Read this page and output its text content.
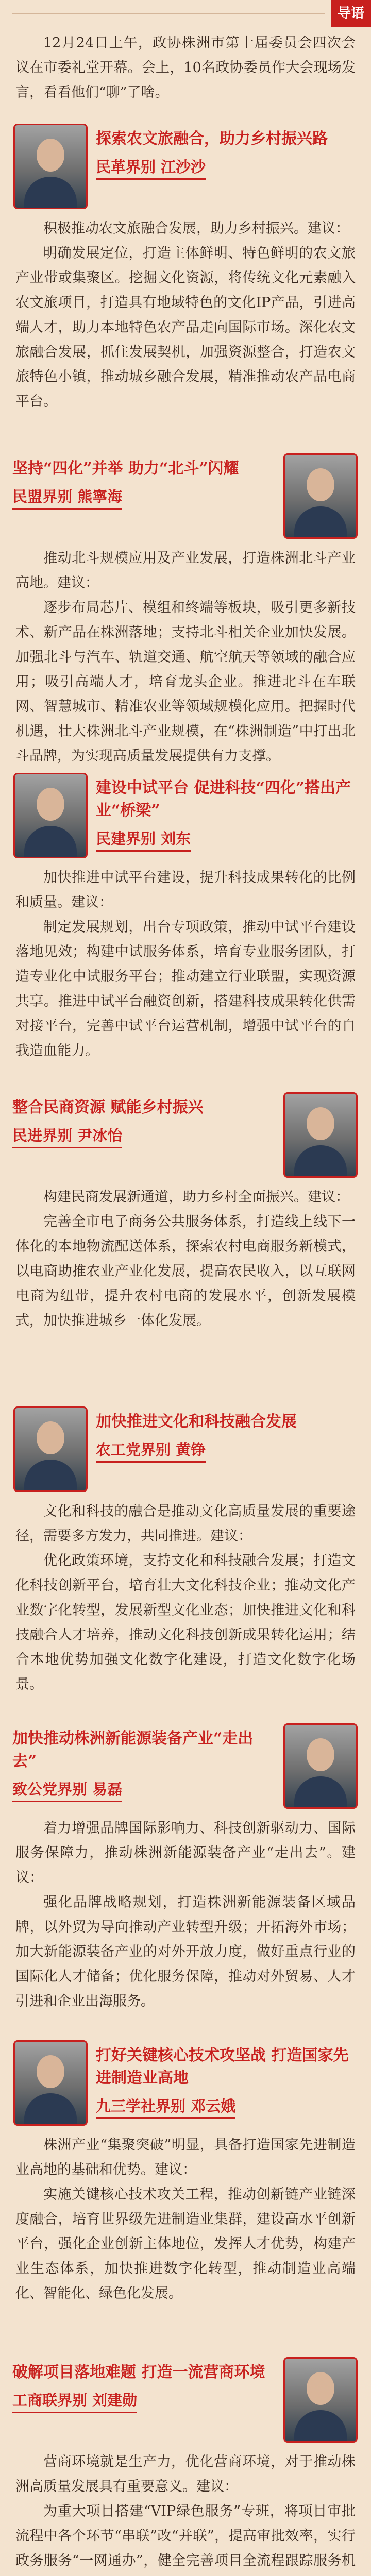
导语
12月24日上午，政协株洲市第十届委员会四次会议在市委礼堂开幕。会上，10名政协委员作大会现场发言，看看他们“聊”了啥。
探索农文旅融合，助力乡村振兴路
民革界别 江沙沙
积极推动农文旅融合发展，助力乡村振兴。建议：
明确发展定位，打造主体鲜明、特色鲜明的农文旅产业带或集聚区。挖掘文化资源，将传统文化元素融入农文旅项目，打造具有地域特色的文化IP产品，引进高端人才，助力本地特色农产品走向国际市场。深化农文旅融合发展，抓住发展契机，加强资源整合，打造农文旅特色小镇，推动城乡融合发展，精准推动农产品电商平台。
坚持“四化”并举 助力“北斗”闪耀
民盟界别 熊寧海
推动北斗规模应用及产业发展，打造株洲北斗产业高地。建议：
逐步布局芯片、模组和终端等板块，吸引更多新技术、新产品在株洲落地；支持北斗相关企业加快发展。加强北斗与汽车、轨道交通、航空航天等领域的融合应用；吸引高端人才，培育龙头企业。推进北斗在车联网、智慧城市、精准农业等领域规模化应用。把握时代机遇，壮大株洲北斗产业规模，在“株洲制造”中打出北斗品牌，为实现高质量发展提供有力支撑。
建设中试平台 促进科技“四化”搭出产业“桥梁”
民建界别 刘东
加快推进中试平台建设，提升科技成果转化的比例和质量。建议：
制定发展规划，出台专项政策，推动中试平台建设落地见效；构建中试服务体系，培育专业服务团队，打造专业化中试服务平台；推动建立行业联盟，实现资源共享。推进中试平台融资创新，搭建科技成果转化供需对接平台，完善中试平台运营机制，增强中试平台的自我造血能力。
整合民商资源 赋能乡村振兴
民进界别 尹冰怡
构建民商发展新通道，助力乡村全面振兴。建议：
完善全市电子商务公共服务体系，打造线上线下一体化的本地物流配送体系，探索农村电商服务新模式，以电商助推农业产业化发展，提高农民收入，以互联网电商为纽带，提升农村电商的发展水平，创新发展模式，加快推进城乡一体化发展。
加快推进文化和科技融合发展
农工党界别 黄铮
文化和科技的融合是推动文化高质量发展的重要途径，需要多方发力，共同推进。建议：
优化政策环境，支持文化和科技融合发展；打造文化科技创新平台，培育壮大文化科技企业；推动文化产业数字化转型，发展新型文化业态；加快推进文化和科技融合人才培养，推动文化科技创新成果转化运用；结合本地优势加强文化数字化建设，打造文化数字化场景。
加快推动株洲新能源装备产业“走出去”
致公党界别 易磊
着力增强品牌国际影响力、科技创新驱动力、国际服务保障力，推动株洲新能源装备产业“走出去”。建议：
强化品牌战略规划，打造株洲新能源装备区域品牌，以外贸为导向推动产业转型升级；开拓海外市场；加大新能源装备产业的对外开放力度，做好重点行业的国际化人才储备；优化服务保障，推动对外贸易、人才引进和企业出海服务。
打好关键核心技术攻坚战 打造国家先进制造业高地
九三学社界别 邓云娥
株洲产业“集聚突破”明显，具备打造国家先进制造业高地的基础和优势。建议：
实施关键核心技术攻关工程，推动创新链产业链深度融合，培育世界级先进制造业集群，建设高水平创新平台，强化企业创新主体地位，发挥人才优势，构建产业生态体系，加快推进数字化转型，推动制造业高端化、智能化、绿色化发展。
破解项目落地难题 打造一流营商环境
工商联界别 刘建勋
营商环境就是生产力，优化营商环境，对于推动株洲高质量发展具有重要意义。建议：
为重大项目搭建“VIP绿色服务”专班，将项目审批流程中各个环节“串联”改“并联”，提高审批效率，实行政务服务“一网通办”，健全完善项目全流程跟踪服务机
